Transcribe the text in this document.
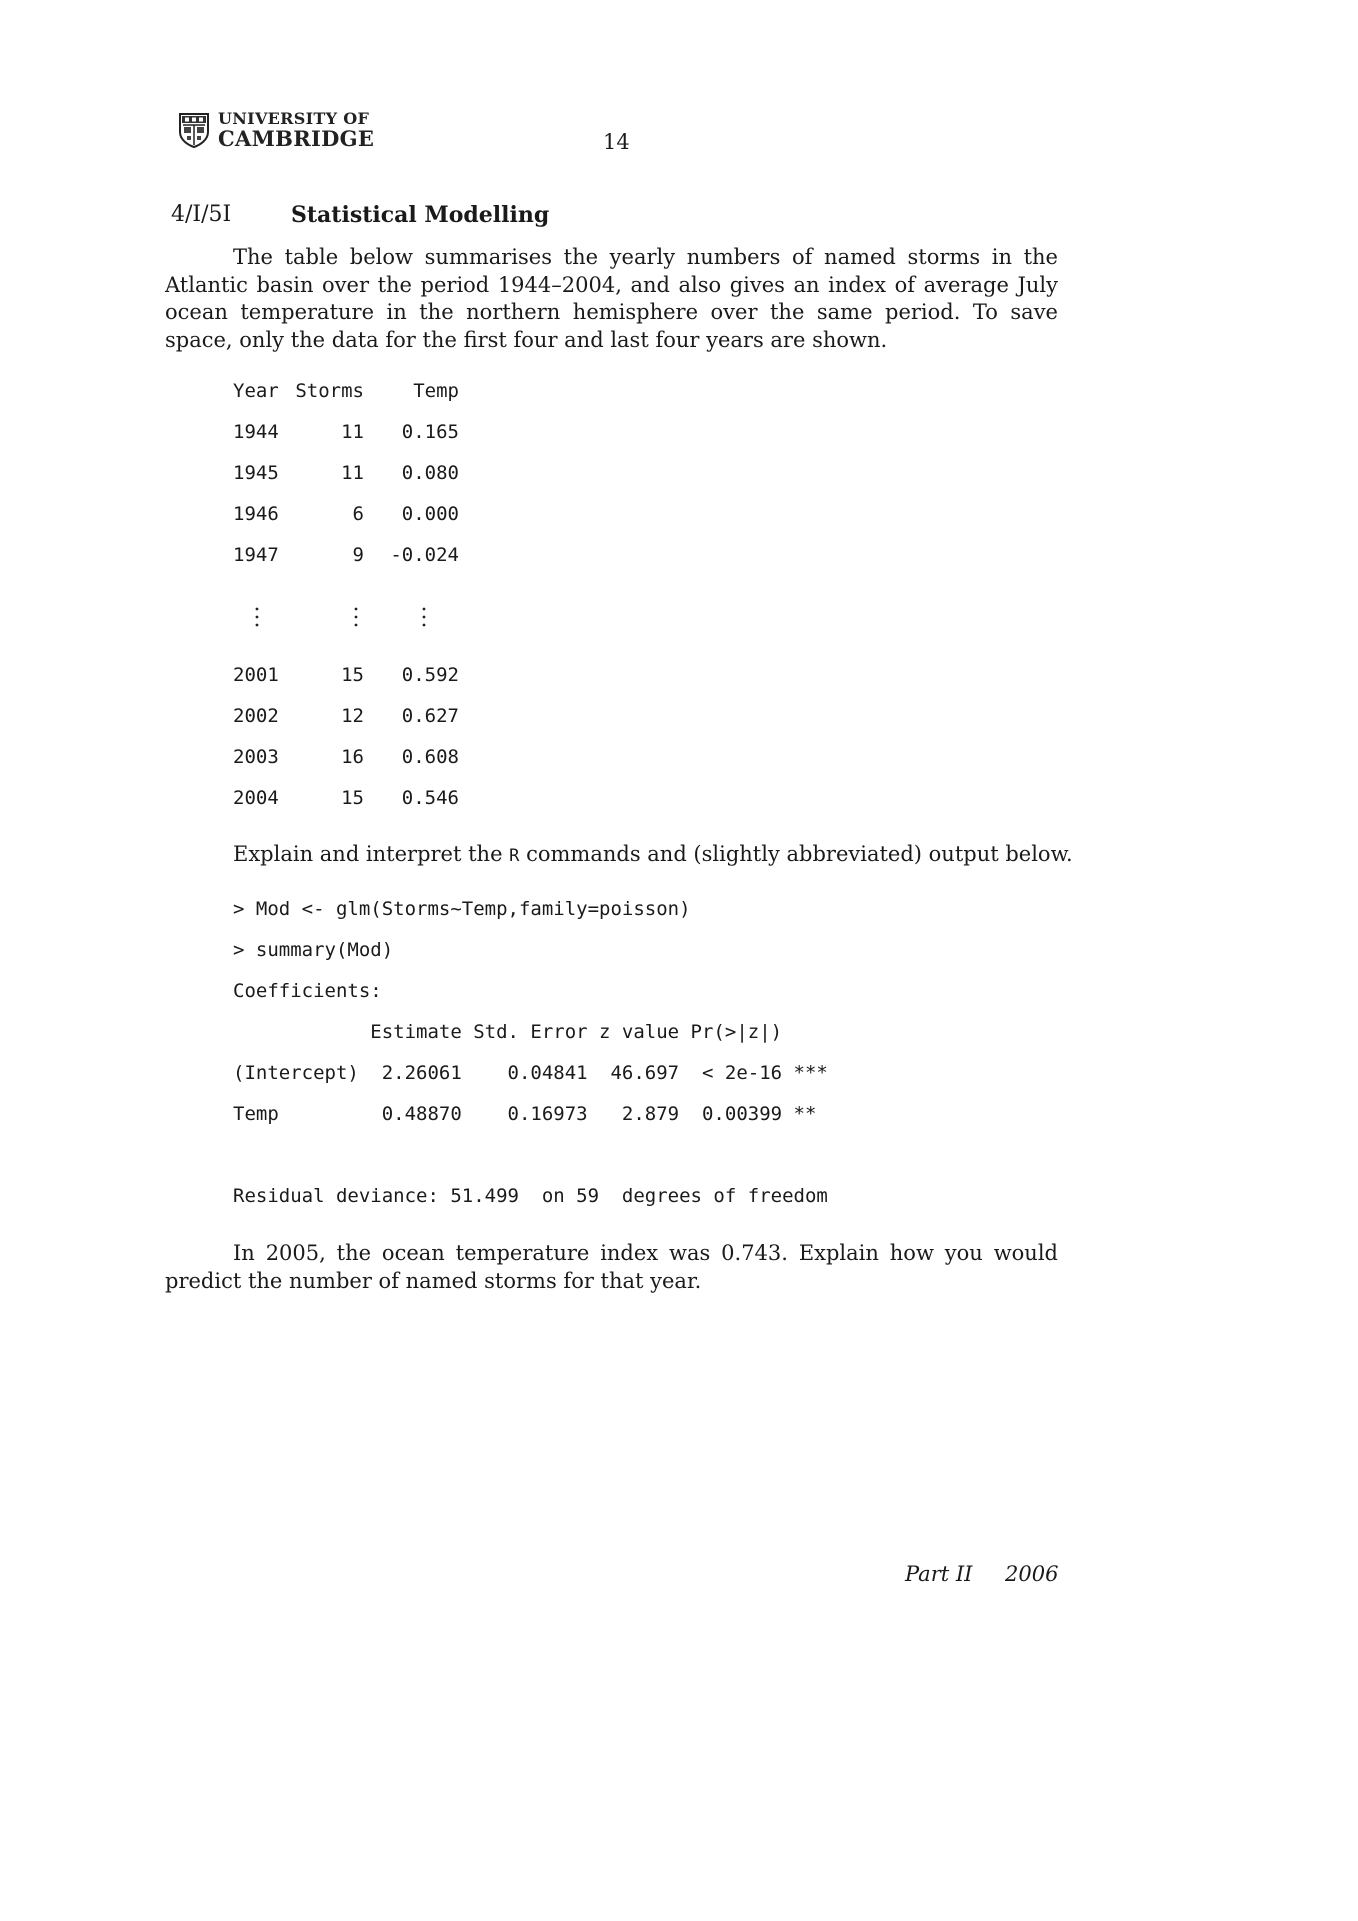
UNIVERSITY OF
CAMBRIDGE	14
4/I/5I	Statistical Modelling

The table below summarises the yearly numbers of named storms in the Atlantic basin over the period 1944–2004, and also gives an index of average July ocean temperature in the northern hemisphere over the same period. To save space, only the data for the first four and last four years are shown.

Year Storms	Temp
1944	11	0.165
1945	11	0.080
1946	6	0.000
1947	9	-0.024
2001	15	0.592
2002	12	0.627
2003	16	0.608
2004	15	0.546
Explain and interpret the R commands and (slightly abbreviated) output below.
> Mod <- glm(Storms~Temp,family=poisson)
> summary(Mod)
Coefficients:
Estimate Std. Error z value Pr(>|z|)
(Intercept)  2.26061    0.04841  46.697  < 2e-16 ***
Temp         0.48870    0.16973   2.879  0.00399 **
Residual deviance: 51.499  on 59  degrees of freedom

In 2005, the ocean temperature index was 0.743. Explain how you would predict the number of named storms for that year.

Part II 2006
